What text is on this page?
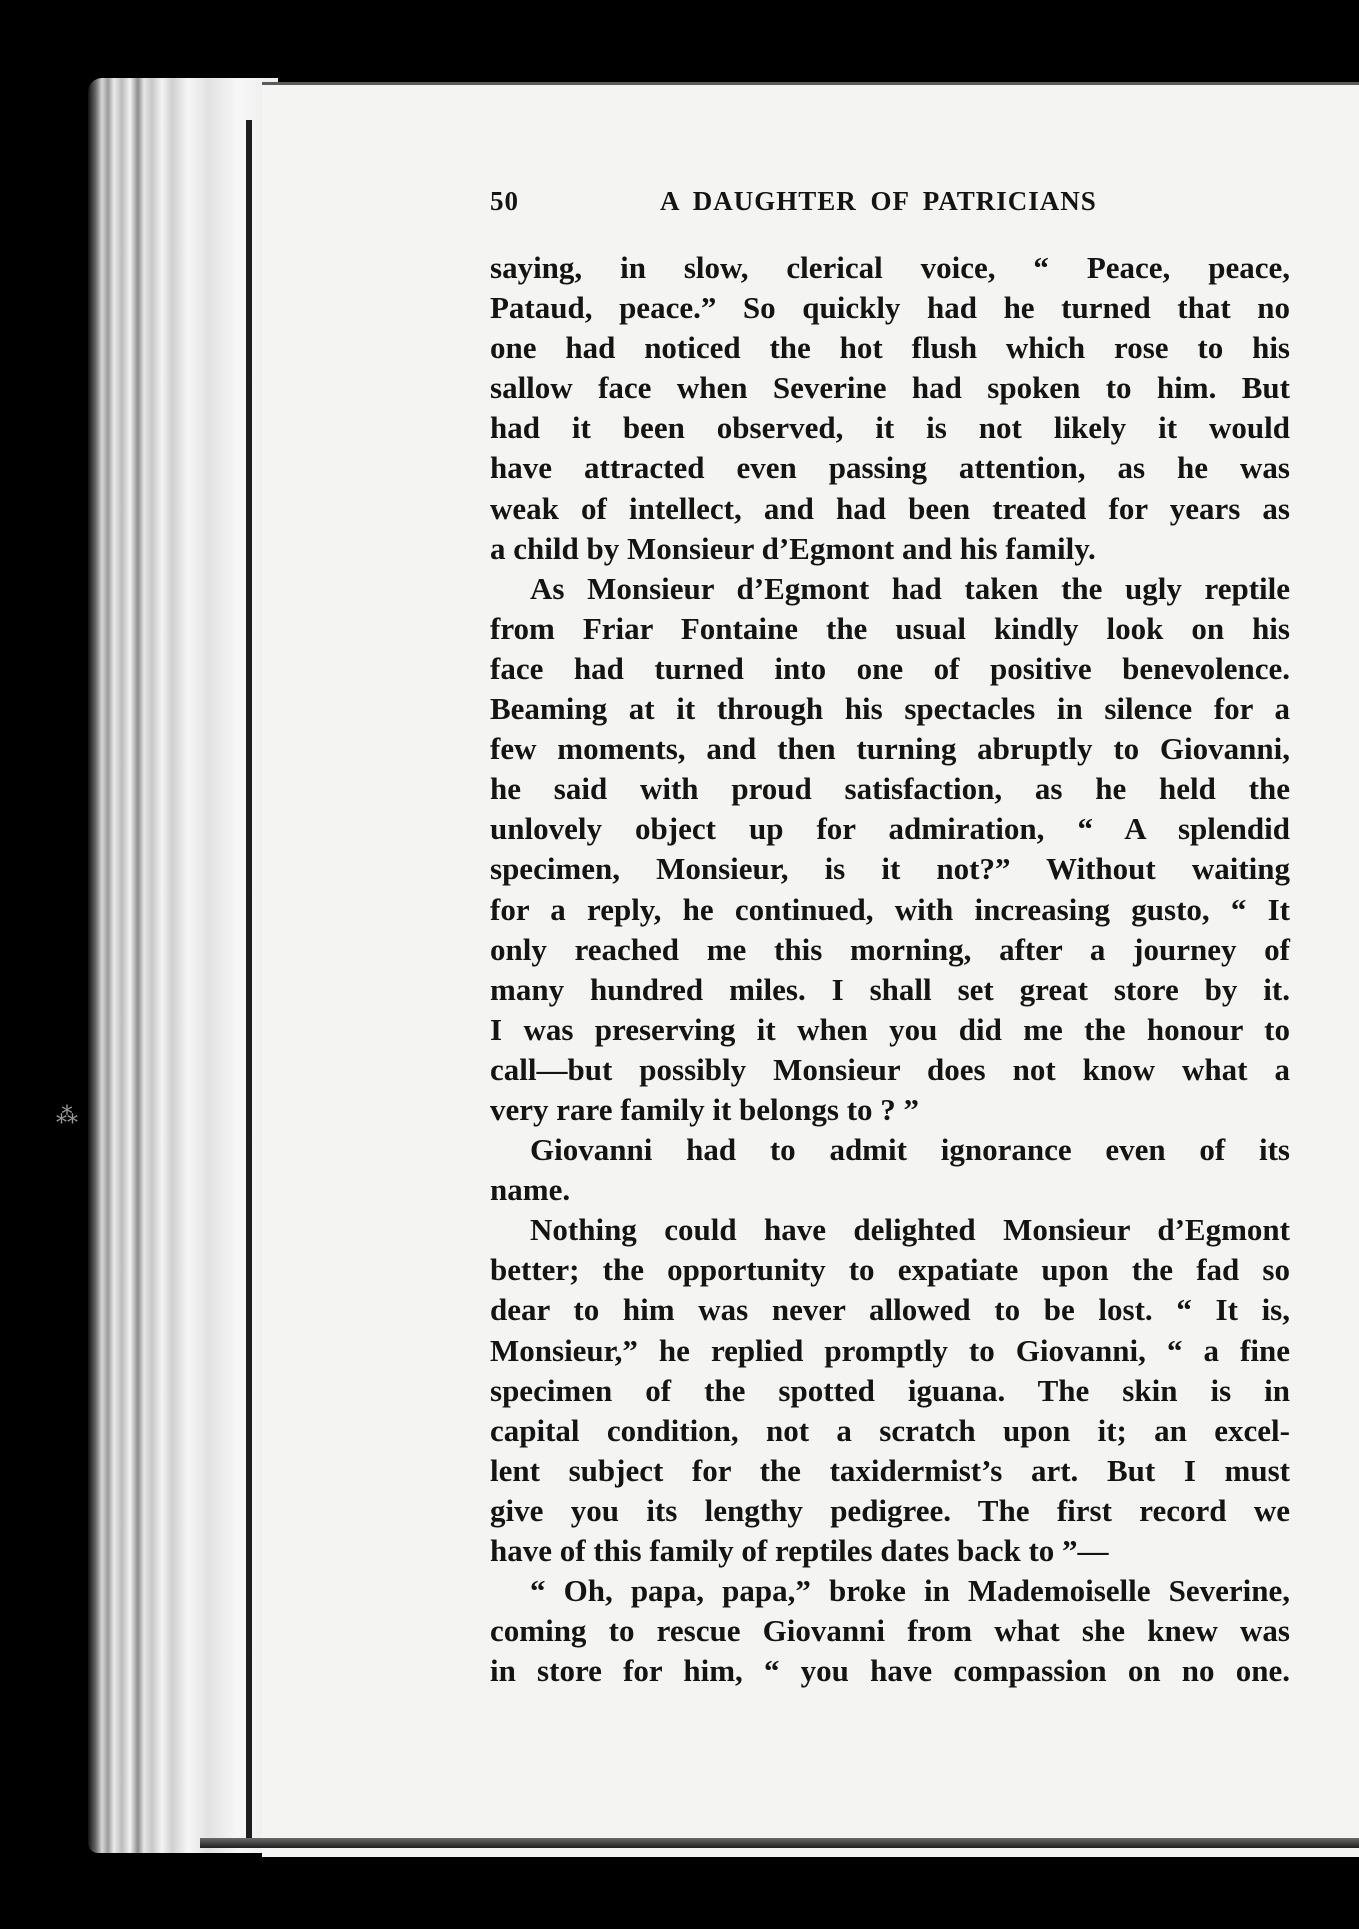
⁂
50	A DAUGHTER OF PATRICIANS
saying, in slow, clerical voice, “ Peace, peace,
Pataud, peace.” So quickly had he turned that no
one had noticed the hot flush which rose to his
sallow face when Severine had spoken to him. But
had it been observed, it is not likely it would
have attracted even passing attention, as he was
weak of intellect, and had been treated for years as
a child by Monsieur d’Egmont and his family.
As Monsieur d’Egmont had taken the ugly reptile
from Friar Fontaine the usual kindly look on his
face had turned into one of positive benevolence.
Beaming at it through his spectacles in silence for a
few moments, and then turning abruptly to Giovanni,
he said with proud satisfaction, as he held the
unlovely object up for admiration, “ A splendid
specimen, Monsieur, is it not?” Without waiting
for a reply, he continued, with increasing gusto, “ It
only reached me this morning, after a journey of
many hundred miles. I shall set great store by it.
I was preserving it when you did me the honour to
call—but possibly Monsieur does not know what a
very rare family it belongs to ? ”
Giovanni had to admit ignorance even of its
name.
Nothing could have delighted Monsieur d’Egmont
better; the opportunity to expatiate upon the fad so
dear to him was never allowed to be lost. “ It is,
Monsieur,” he replied promptly to Giovanni, “ a fine
specimen of the spotted iguana. The skin is in
capital condition, not a scratch upon it; an excel-
lent subject for the taxidermist’s art. But I must
give you its lengthy pedigree. The first record we
have of this family of reptiles dates back to ”—
“ Oh, papa, papa,” broke in Mademoiselle Severine,
coming to rescue Giovanni from what she knew was
in store for him, “ you have compassion on no one.
